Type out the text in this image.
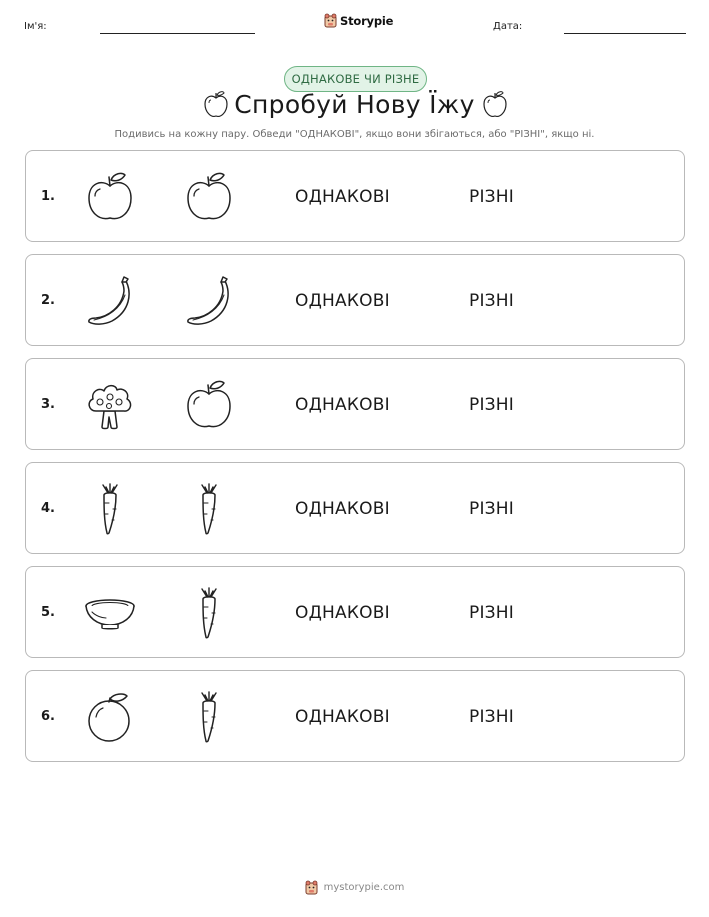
Ім'я:	Storypie	Дата:
ОДНАКОВЕ ЧИ РІЗНЕ
Спробуй Нову Їжу
Подивись на кожну пару. Обведи "ОДНАКОВІ", якщо вони збігаються, або "РІЗНІ", якщо ні.
1.	ОДНАКОВІ	РІЗНІ
2.	ОДНАКОВІ	РІЗНІ
3.	ОДНАКОВІ	РІЗНІ
4.	ОДНАКОВІ	РІЗНІ
5.	ОДНАКОВІ	РІЗНІ
6.	ОДНАКОВІ	РІЗНІ
mystorypie.com
